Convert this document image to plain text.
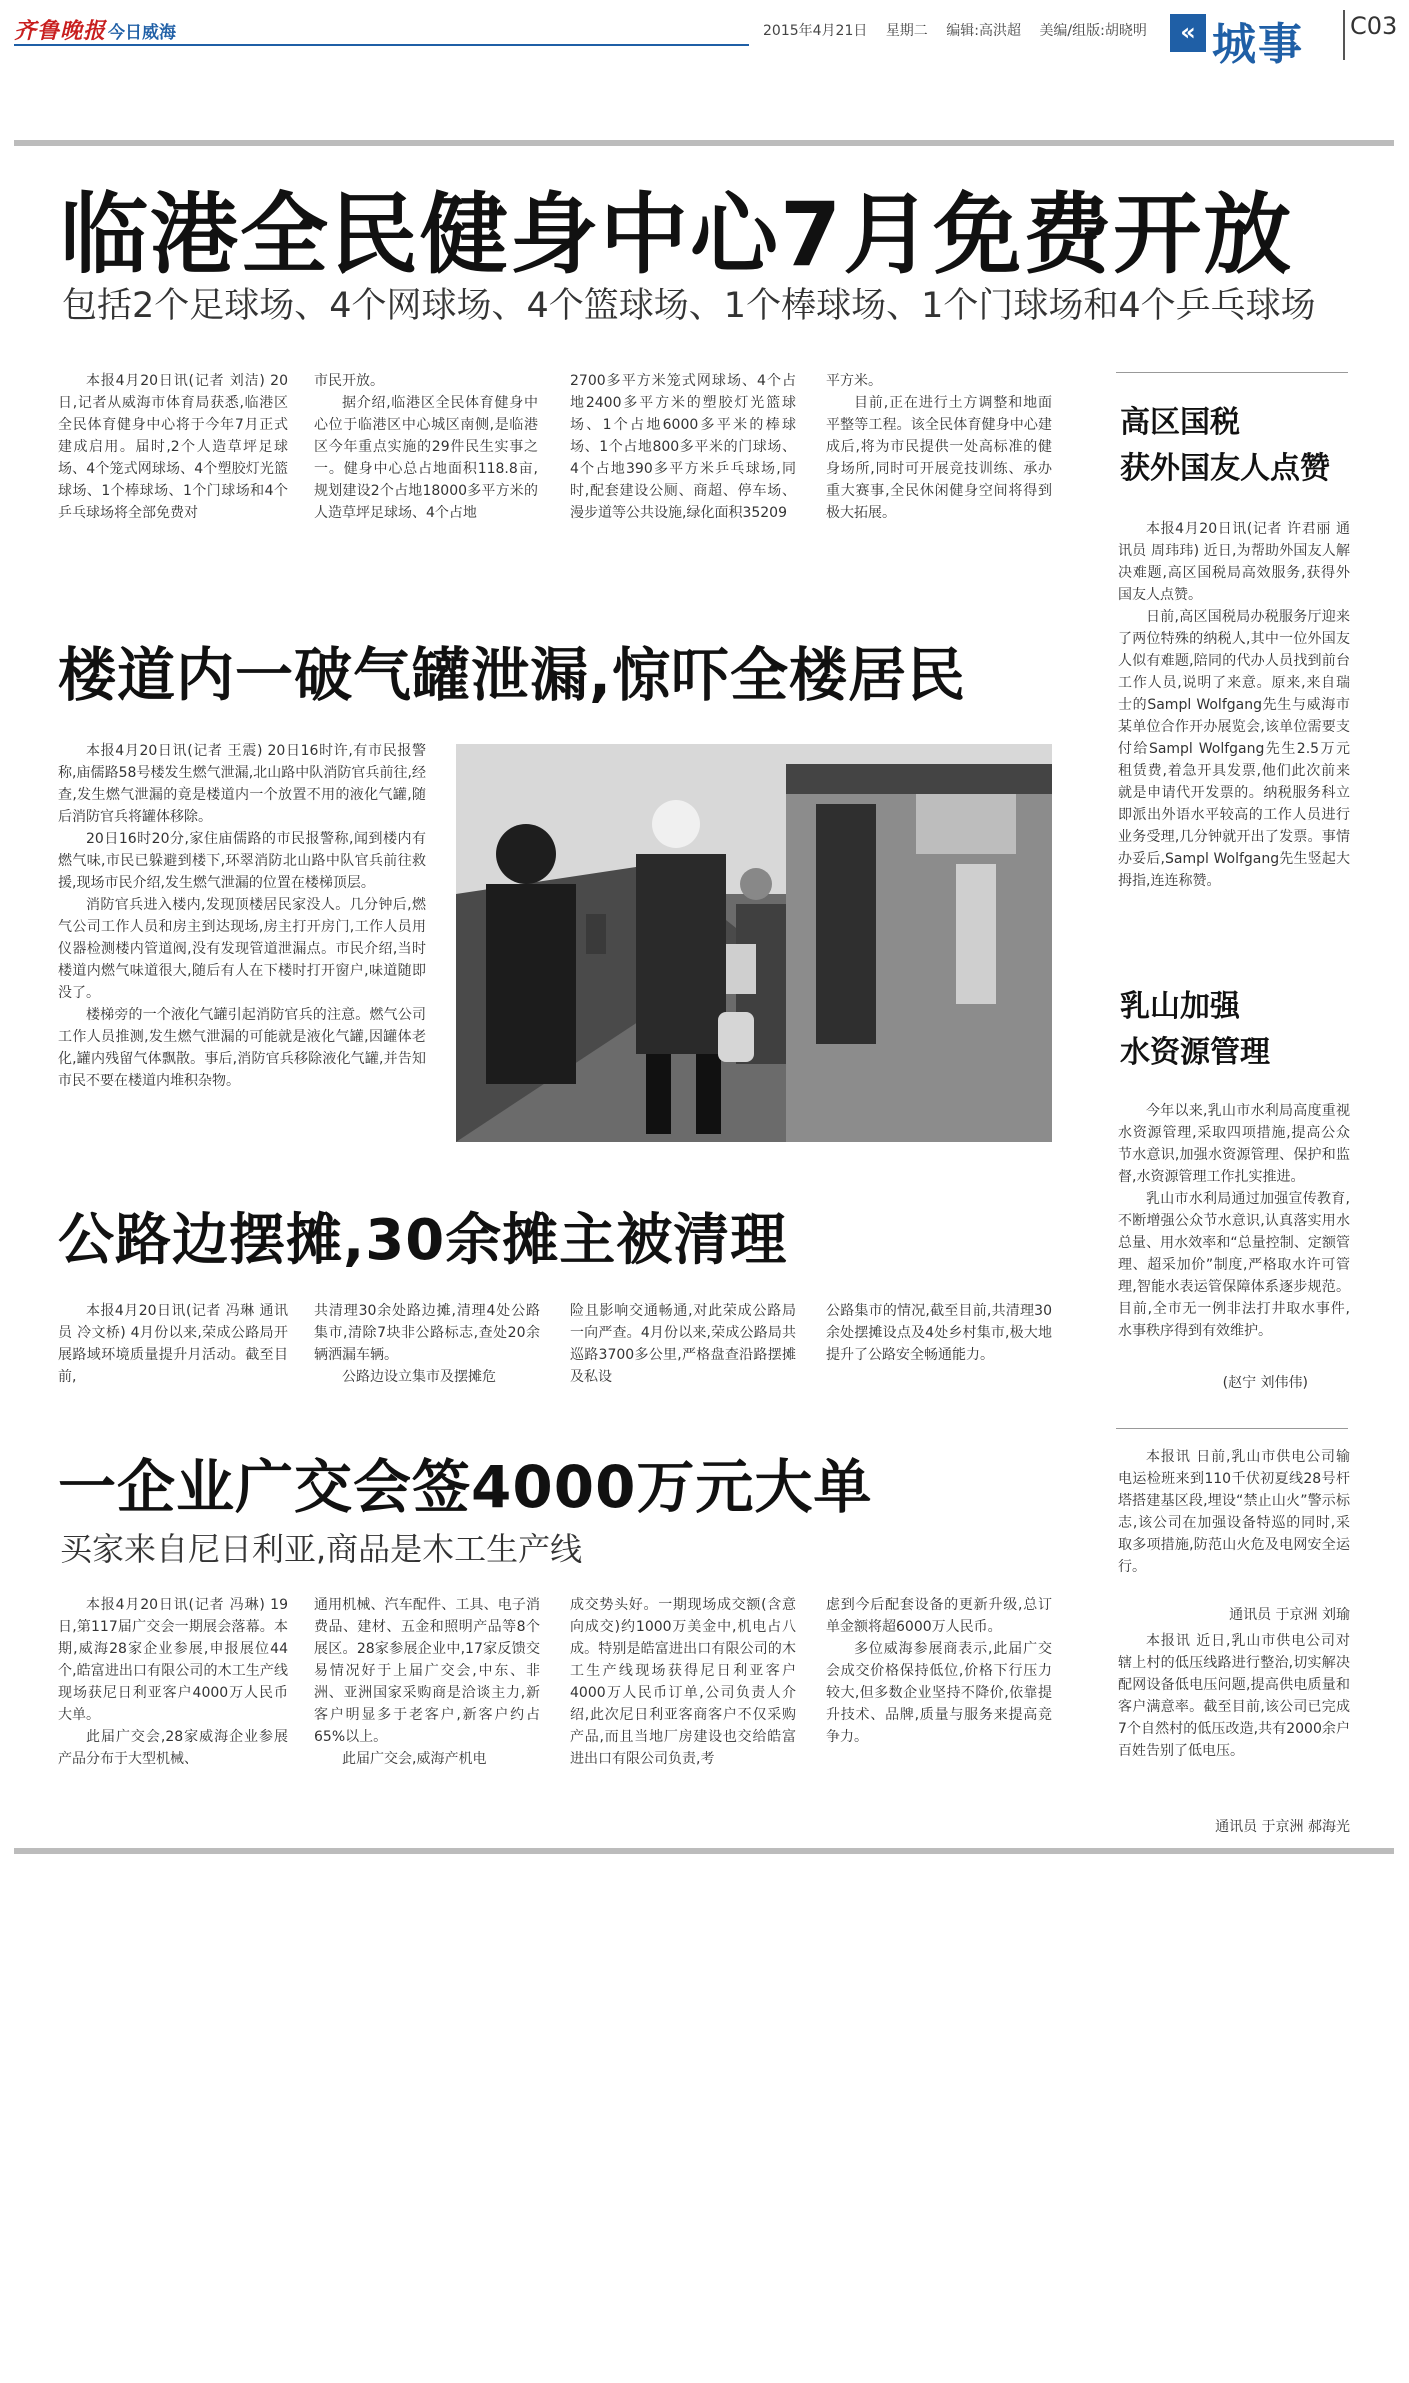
齐鲁晚报 今日威海	2015年4月21日 星期二 编辑:高洪超 美编/组版:胡晓明	« 城事 C03
临港全民健身中心7月免费开放
包括2个足球场、4个网球场、4个篮球场、1个棒球场、1个门球场和4个乒乓球场

本报4月20日讯(记者 刘洁) 20日,记者从威海市体育局获悉,临港区全民体育健身中心将于今年7月正式建成启用。届时,2个人造草坪足球场、4个笼式网球场、4个塑胶灯光篮球场、1个棒球场、1个门球场和4个乒乓球场将全部免费对

市民开放。

据介绍,临港区全民体育健身中心位于临港区中心城区南侧,是临港区今年重点实施的29件民生实事之一。健身中心总占地面积118.8亩,规划建设2个占地18000多平方米的人造草坪足球场、4个占地

2700多平方米笼式网球场、4个占地2400多平方米的塑胶灯光篮球场、1个占地6000多平米的棒球场、1个占地800多平米的门球场、4个占地390多平方米乒乓球场,同时,配套建设公厕、商超、停车场、漫步道等公共设施,绿化面积35209

平方米。

目前,正在进行土方调整和地面平整等工程。该全民体育健身中心建成后,将为市民提供一处高标准的健身场所,同时可开展竞技训练、承办重大赛事,全民休闲健身空间将得到极大拓展。

楼道内一破气罐泄漏,惊吓全楼居民

本报4月20日讯(记者 王震) 20日16时许,有市民报警称,庙儒路58号楼发生燃气泄漏,北山路中队消防官兵前往,经查,发生燃气泄漏的竟是楼道内一个放置不用的液化气罐,随后消防官兵将罐体移除。

20日16时20分,家住庙儒路的市民报警称,闻到楼内有燃气味,市民已躲避到楼下,环翠消防北山路中队官兵前往救援,现场市民介绍,发生燃气泄漏的位置在楼梯顶层。

消防官兵进入楼内,发现顶楼居民家没人。几分钟后,燃气公司工作人员和房主到达现场,房主打开房门,工作人员用仪器检测楼内管道阀,没有发现管道泄漏点。市民介绍,当时楼道内燃气味道很大,随后有人在下楼时打开窗户,味道随即没了。

楼梯旁的一个液化气罐引起消防官兵的注意。燃气公司工作人员推测,发生燃气泄漏的可能就是液化气罐,因罐体老化,罐内残留气体飘散。事后,消防官兵移除液化气罐,并告知市民不要在楼道内堆积杂物。

公路边摆摊,30余摊主被清理

本报4月20日讯(记者 冯琳 通讯员 冷文桥) 4月份以来,荣成公路局开展路域环境质量提升月活动。截至目前,

共清理30余处路边摊,清理4处公路集市,清除7块非公路标志,查处20余辆洒漏车辆。

公路边设立集市及摆摊危

险且影响交通畅通,对此荣成公路局一向严查。4月份以来,荣成公路局共巡路3700多公里,严格盘查沿路摆摊及私设

公路集市的情况,截至目前,共清理30余处摆摊设点及4处乡村集市,极大地提升了公路安全畅通能力。

一企业广交会签4000万元大单
买家来自尼日利亚,商品是木工生产线

本报4月20日讯(记者 冯琳) 19日,第117届广交会一期展会落幕。本期,威海28家企业参展,申报展位44个,皓富进出口有限公司的木工生产线现场获尼日利亚客户4000万人民币大单。

此届广交会,28家威海企业参展产品分布于大型机械、

通用机械、汽车配件、工具、电子消费品、建材、五金和照明产品等8个展区。28家参展企业中,17家反馈交易情况好于上届广交会,中东、非洲、亚洲国家采购商是洽谈主力,新客户明显多于老客户,新客户约占65%以上。

此届广交会,威海产机电

成交势头好。一期现场成交额(含意向成交)约1000万美金中,机电占八成。特别是皓富进出口有限公司的木工生产线现场获得尼日利亚客户4000万人民币订单,公司负责人介绍,此次尼日利亚客商客户不仅采购产品,而且当地厂房建设也交给皓富进出口有限公司负责,考

虑到今后配套设备的更新升级,总订单金额将超6000万人民币。

多位威海参展商表示,此届广交会成交价格保持低位,价格下行压力较大,但多数企业坚持不降价,依靠提升技术、品牌,质量与服务来提高竞争力。

高区国税
获外国友人点赞

本报4月20日讯(记者 许君丽 通讯员 周玮玮) 近日,为帮助外国友人解决难题,高区国税局高效服务,获得外国友人点赞。

日前,高区国税局办税服务厅迎来了两位特殊的纳税人,其中一位外国友人似有难题,陪同的代办人员找到前台工作人员,说明了来意。原来,来自瑞士的Sampl Wolfgang先生与威海市某单位合作开办展览会,该单位需要支付给Sampl Wolfgang先生2.5万元租赁费,着急开具发票,他们此次前来就是申请代开发票的。纳税服务科立即派出外语水平较高的工作人员进行业务受理,几分钟就开出了发票。事情办妥后,Sampl Wolfgang先生竖起大拇指,连连称赞。

乳山加强
水资源管理

今年以来,乳山市水利局高度重视水资源管理,采取四项措施,提高公众节水意识,加强水资源管理、保护和监督,水资源管理工作扎实推进。

乳山市水利局通过加强宣传教育,不断增强公众节水意识,认真落实用水总量、用水效率和“总量控制、定额管理、超采加价”制度,严格取水许可管理,智能水表运管保障体系逐步规范。目前,全市无一例非法打井取水事件,水事秩序得到有效维护。

(赵宁 刘伟伟)

本报讯 日前,乳山市供电公司输电运检班来到110千伏初夏线28号杆塔搭建基区段,埋设“禁止山火”警示标志,该公司在加强设备特巡的同时,采取多项措施,防范山火危及电网安全运行。

通讯员 于京洲 刘瑜

本报讯 近日,乳山市供电公司对辖上村的低压线路进行整治,切实解决配网设备低电压问题,提高供电质量和客户满意率。截至目前,该公司已完成7个自然村的低压改造,共有2000余户百姓告别了低电压。

通讯员 于京洲 郝海光
